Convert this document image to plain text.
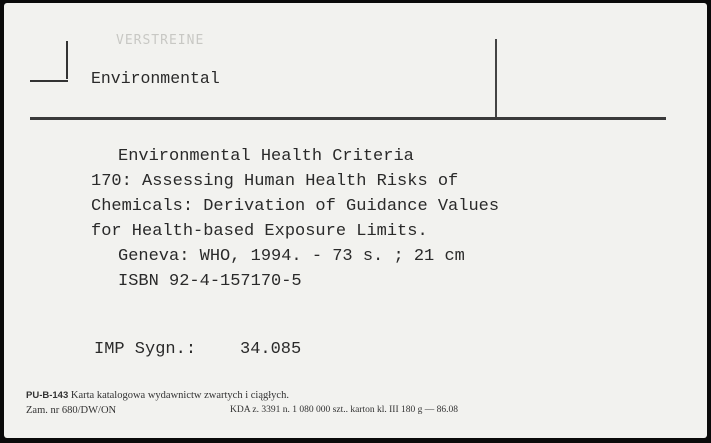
VERSTREINE
Environmental
Environmental Health Criteria
170: Assessing Human Health Risks of
Chemicals: Derivation of Guidance Values
for Health-based Exposure Limits.
Geneva: WHO, 1994. - 73 s. ; 21 cm
ISBN 92-4-157170-5
IMP Sygn.:	34.085
PU-B-143 Karta katalogowa wydawnictw zwartych i ciągłych.
Zam. nr 680/DW/ON	KDA z. 3391 n. 1 080 000 szt.. karton kl. III 180 g — 86.08
